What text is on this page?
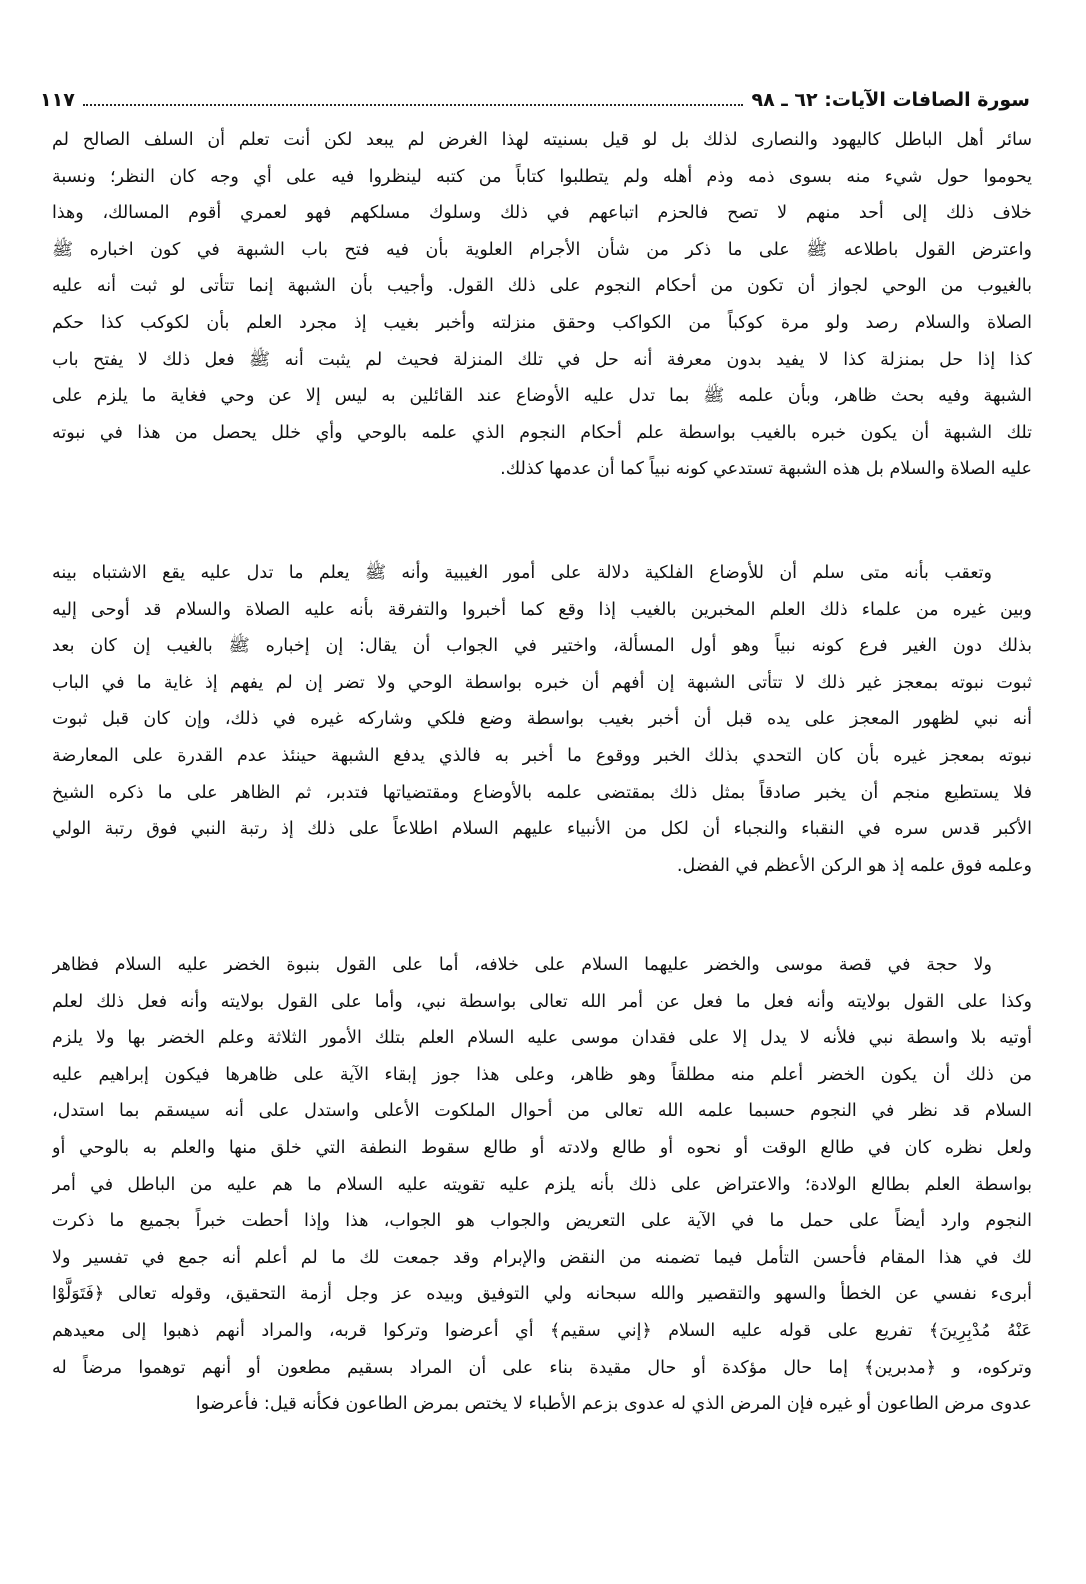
سورة الصافات الآيات: ٦٢ ـ ٩٨
١١٧
سائر أهل الباطل كاليهود والنصارى لذلك بل لو قيل بسنيته لهذا الغرض لم يبعد لكن أنت تعلم أن السلف الصالح لم
يحوموا حول شيء منه بسوى ذمه وذم أهله ولم يتطلبوا كتاباً من كتبه لينظروا فيه على أي وجه كان النظر؛ ونسبة
خلاف ذلك إلى أحد منهم لا تصح فالحزم اتباعهم في ذلك وسلوك مسلكهم فهو لعمري أقوم المسالك، وهذا
واعترض القول باطلاعه ﷺ على ما ذكر من شأن الأجرام العلوية بأن فيه فتح باب الشبهة في كون اخباره ﷺ
بالغيوب من الوحي لجواز أن تكون من أحكام النجوم على ذلك القول. وأجيب بأن الشبهة إنما تتأتى لو ثبت أنه عليه
الصلاة والسلام رصد ولو مرة كوكباً من الكواكب وحقق منزلته وأخبر بغيب إذ مجرد العلم بأن لكوكب كذا حكم
كذا إذا حل بمنزلة كذا لا يفيد بدون معرفة أنه حل في تلك المنزلة فحيث لم يثبت أنه ﷺ فعل ذلك لا يفتح باب
الشبهة وفيه بحث ظاهر، وبأن علمه ﷺ بما تدل عليه الأوضاع عند القائلين به ليس إلا عن وحي فغاية ما يلزم على
تلك الشبهة أن يكون خبره بالغيب بواسطة علم أحكام النجوم الذي علمه بالوحي وأي خلل يحصل من هذا في نبوته
عليه الصلاة والسلام بل هذه الشبهة تستدعي كونه نبياً كما أن عدمها كذلك.
وتعقب بأنه متى سلم أن للأوضاع الفلكية دلالة على أمور الغيبية وأنه ﷺ يعلم ما تدل عليه يقع الاشتباه بينه
وبين غيره من علماء ذلك العلم المخبرين بالغيب إذا وقع كما أخبروا والتفرقة بأنه عليه الصلاة والسلام قد أوحى إليه
بذلك دون الغير فرع كونه نبياً وهو أول المسألة، واختير في الجواب أن يقال: إن إخباره ﷺ بالغيب إن كان بعد
ثبوت نبوته بمعجز غير ذلك لا تتأتى الشبهة إن أفهم أن خبره بواسطة الوحي ولا تضر إن لم يفهم إذ غاية ما في الباب
أنه نبي لظهور المعجز على يده قبل أن أخبر بغيب بواسطة وضع فلكي وشاركه غيره في ذلك، وإن كان قبل ثبوت
نبوته بمعجز غيره بأن كان التحدي بذلك الخبر ووقوع ما أخبر به فالذي يدفع الشبهة حينئذ عدم القدرة على المعارضة
فلا يستطيع منجم أن يخبر صادقاً بمثل ذلك بمقتضى علمه بالأوضاع ومقتضياتها فتدبر، ثم الظاهر على ما ذكره الشيخ
الأكبر قدس سره في النقباء والنجباء أن لكل من الأنبياء عليهم السلام اطلاعاً على ذلك إذ رتبة النبي فوق رتبة الولي
وعلمه فوق علمه إذ هو الركن الأعظم في الفضل.
ولا حجة في قصة موسى والخضر عليهما السلام على خلافه، أما على القول بنبوة الخضر عليه السلام فظاهر
وكذا على القول بولايته وأنه فعل ما فعل عن أمر الله تعالى بواسطة نبي، وأما على القول بولايته وأنه فعل ذلك لعلم
أوتيه بلا واسطة نبي فلأنه لا يدل إلا على فقدان موسى عليه السلام العلم بتلك الأمور الثلاثة وعلم الخضر بها ولا يلزم
من ذلك أن يكون الخضر أعلم منه مطلقاً وهو ظاهر، وعلى هذا جوز إبقاء الآية على ظاهرها فيكون إبراهيم عليه
السلام قد نظر في النجوم حسبما علمه الله تعالى من أحوال الملكوت الأعلى واستدل على أنه سيسقم بما استدل،
ولعل نظره كان في طالع الوقت أو نحوه أو طالع ولادته أو طالع سقوط النطفة التي خلق منها والعلم به بالوحي أو
بواسطة العلم بطالع الولادة؛ والاعتراض على ذلك بأنه يلزم عليه تقويته عليه السلام ما هم عليه من الباطل في أمر
النجوم وارد أيضاً على حمل ما في الآية على التعريض والجواب هو الجواب، هذا وإذا أحطت خبراً بجميع ما ذكرت
لك في هذا المقام فأحسن التأمل فيما تضمنه من النقض والإبرام وقد جمعت لك ما لم أعلم أنه جمع في تفسير ولا
أبرىء نفسي عن الخطأ والسهو والتقصير والله سبحانه ولي التوفيق وبيده عز وجل أزمة التحقيق، وقوله تعالى ﴿فَتَوَلَّوْا
عَنْهُ مُدْبِرِينَ﴾ تفريع على قوله عليه السلام ﴿إني سقيم﴾ أي أعرضوا وتركوا قربه، والمراد أنهم ذهبوا إلى معيدهم
وتركوه، و ﴿مدبرين﴾ إما حال مؤكدة أو حال مقيدة بناء على أن المراد بسقيم مطعون أو أنهم توهموا مرضاً له
عدوى مرض الطاعون أو غيره فإن المرض الذي له عدوى بزعم الأطباء لا يختص بمرض الطاعون فكأنه قيل: فأعرضوا
